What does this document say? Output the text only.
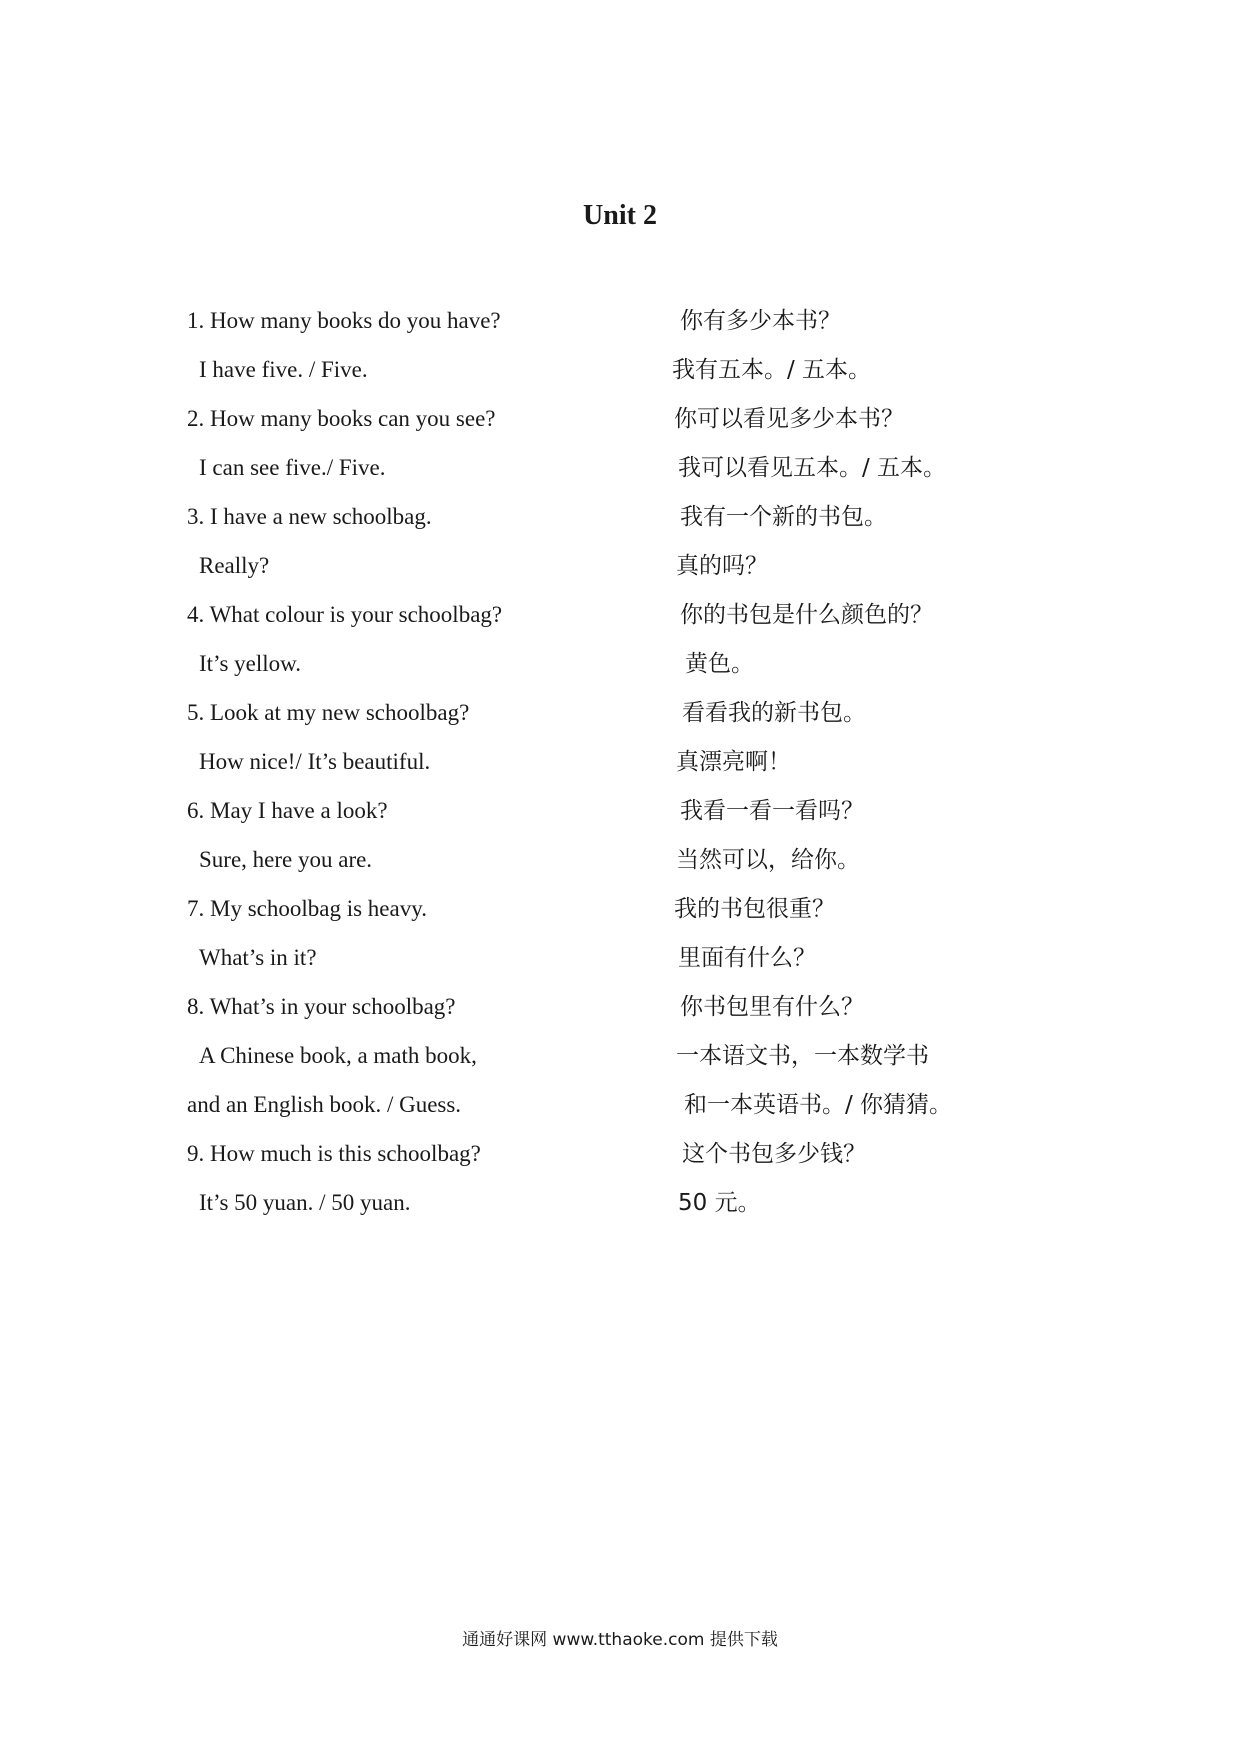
Unit 2
1. How many books do you have?	你有多少本书？
I have five. / Five.	我有五本。/ 五本。
2. How many books can you see?	你可以看见多少本书？
I can see five./ Five.	我可以看见五本。/ 五本。
3. I have a new schoolbag.	我有一个新的书包。
Really?	真的吗？
4. What colour is your schoolbag?	你的书包是什么颜色的？
It’s yellow.	黄色。
5. Look at my new schoolbag?	看看我的新书包。
How nice!/ It’s beautiful.	真漂亮啊！
6. May I have a look?	我看一看一看吗？
Sure, here you are.	当然可以，给你。
7. My schoolbag is heavy.	我的书包很重？
What’s in it?	里面有什么？
8. What’s in your schoolbag?	你书包里有什么？
A Chinese book, a math book,	一本语文书，一本数学书
and an English book. / Guess.	和一本英语书。/ 你猜猜。
9. How much is this schoolbag?	这个书包多少钱？
It’s 50 yuan. / 50 yuan.	50 元。
通通好课网 www.tthaoke.com 提供下载
